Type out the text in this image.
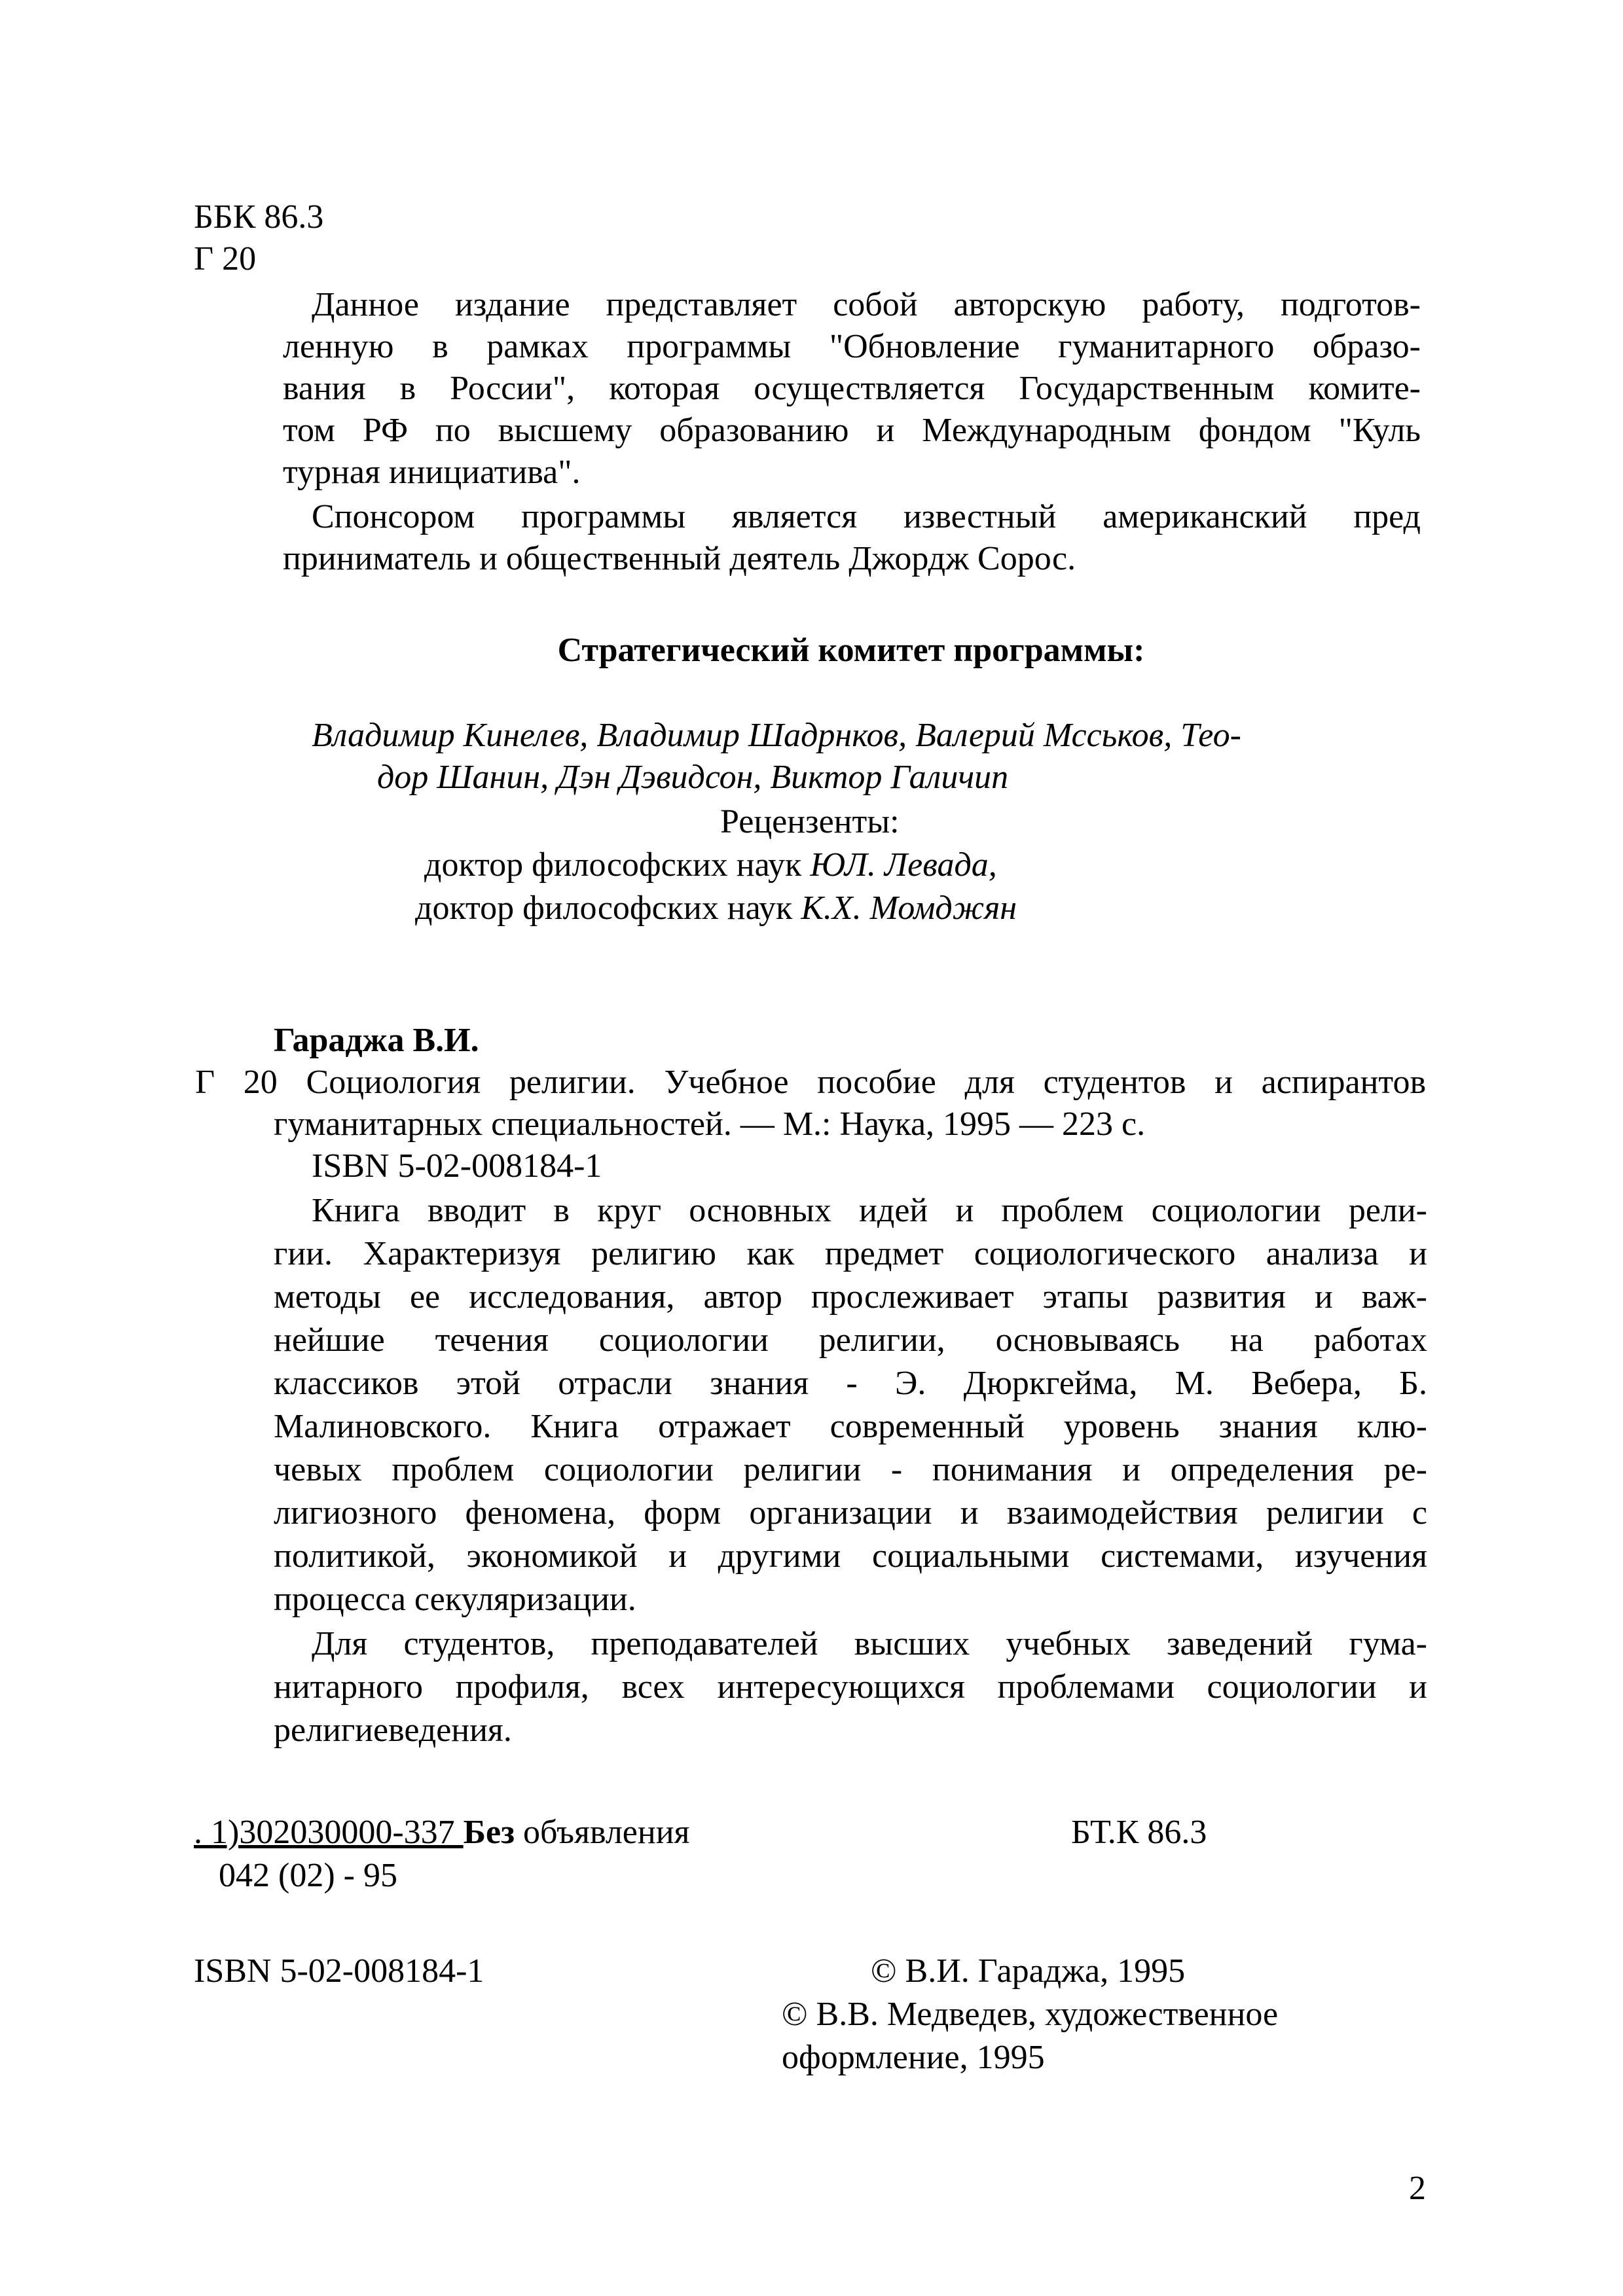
ББК 86.3
Г 20
Данное издание представляет собой авторскую работу, подготов-
ленную в рамках программы "Обновление гуманитарного образо-
вания в России", которая осуществляется Государственным комите-
том РФ по высшему образованию и Международным фондом "Куль
турная инициатива".
Спонсором программы является известный американский пред
приниматель и общественный деятель Джордж Сорос.
Стратегический комитет программы:
Владимир Кинелев, Владимир Шадрнков, Валерий Мсськов, Тео-
дор Шанин, Дэн Дэвидсон, Виктор Галичип
Рецензенты:
доктор философских наук ЮЛ. Левада,
доктор философских наук К.Х. Момджян
Гараджа В.И.
Г 20 Социология религии. Учебное пособие для студентов и аспирантов
гуманитарных специальностей. — М.: Наука, 1995 — 223 с.
ISBN 5-02-008184-1
Книга вводит в круг основных идей и проблем социологии рели-
гии. Характеризуя религию как предмет социологического анализа и
методы ее исследования, автор прослеживает этапы развития и важ-
нейшие течения социологии религии, основываясь на работах
классиков этой отрасли знания - Э. Дюркгейма, М. Вебера, Б.
Малиновского. Книга отражает современный уровень знания клю-
чевых проблем социологии религии - понимания и определения ре-
лигиозного феномена, форм организации и взаимодействия религии с
политикой, экономикой и другими социальными системами, изучения
процесса секуляризации.
Для студентов, преподавателей высших учебных заведений гума-
нитарного профиля, всех интересующихся проблемами социологии и
религиеведения.
. 1)302030000-337 Без объявления	БТ.К 86.3
042 (02) - 95
ISBN 5-02-008184-1	© В.И. Гараджа, 1995
© В.В. Медведев, художественное
оформление, 1995
2
